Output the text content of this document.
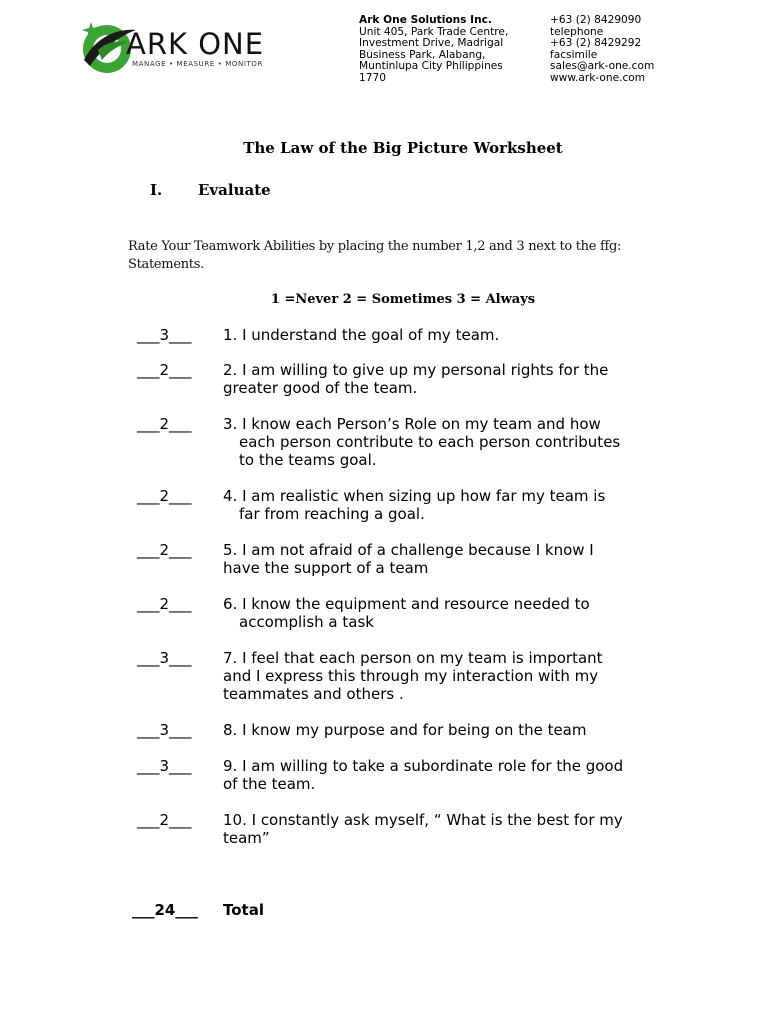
ARK ONE
MANAGE • MEASURE • MONITOR
Ark One Solutions Inc.
Unit 405, Park Trade Centre,
Investment Drive, Madrigal
Business Park, Alabang,
Muntinlupa City Philippines
1770
+63 (2) 8429090
telephone
+63 (2) 8429292
facsimile
sales@ark-one.com
www.ark-one.com
The Law of the Big Picture Worksheet
I. Evaluate
Rate Your Teamwork Abilities by placing the number 1,2 and 3 next to the ffg: Statements.
1 =Never 2 = Sometimes 3 = Always
___3___ 1. I understand the goal of my team.
___2___ 2. I am willing to give up my personal rights for the
greater good of the team.
___2___ 3. I know each Person’s Role on my team and how
each person contribute to each person contributes
to the teams goal.
___2___ 4. I am realistic when sizing up how far my team is
far from reaching a goal.
___2___ 5. I am not afraid of a challenge because I know I
have the support of a team
___2___ 6. I know the equipment and resource needed to
accomplish a task
___3___ 7. I feel that each person on my team is important
and I express this through my interaction with my
teammates and others .
___3___ 8. I know my purpose and for being on the team
___3___ 9. I am willing to take a subordinate role for the good
of the team.
___2___ 10. I constantly ask myself, “ What is the best for my
team”
___24___ Total
